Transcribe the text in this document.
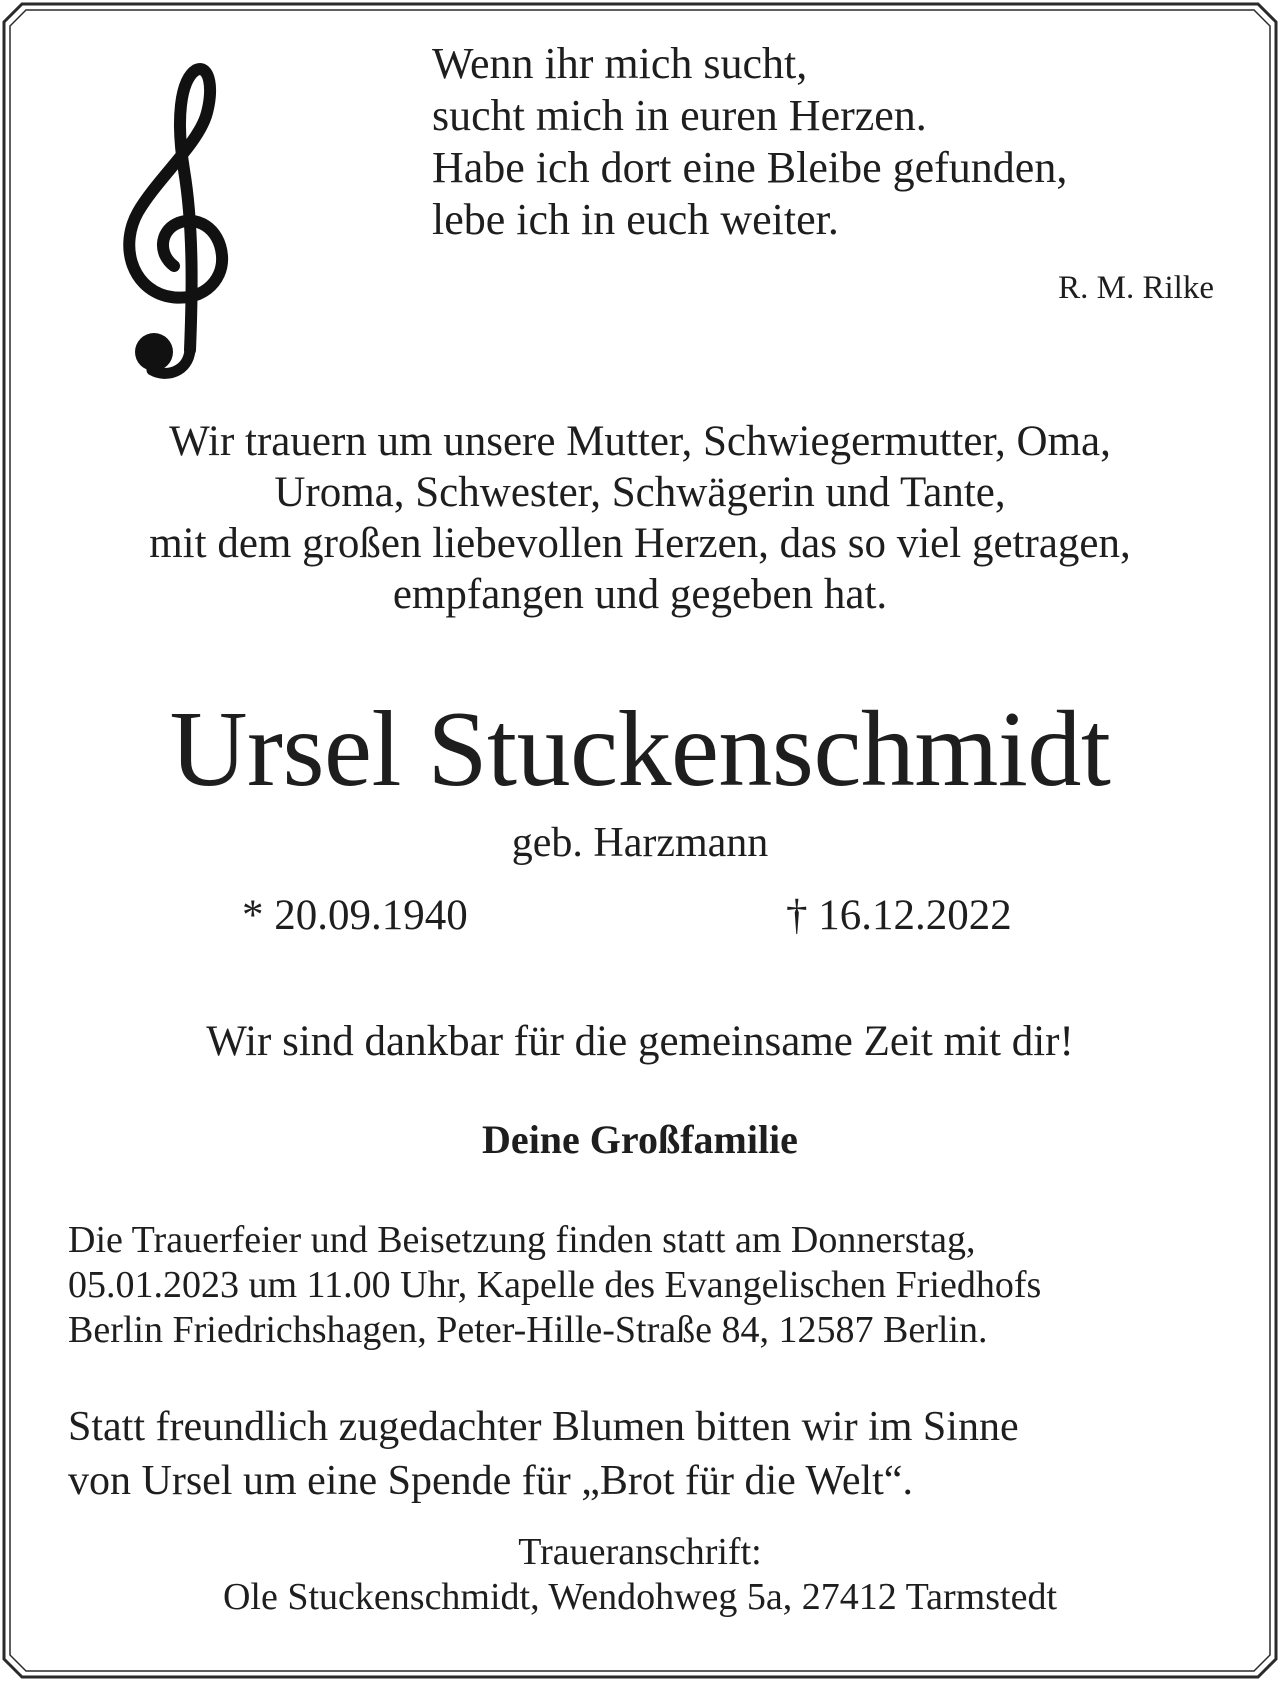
Wenn ihr mich sucht,
sucht mich in euren Herzen.
Habe ich dort eine Bleibe gefunden,
lebe ich in euch weiter.
R. M. Rilke
Wir trauern um unsere Mutter, Schwiegermutter, Oma,
Uroma, Schwester, Schwägerin und Tante,
mit dem großen liebevollen Herzen, das so viel getragen,
empfangen und gegeben hat.
Ursel Stuckenschmidt
geb. Harzmann
* 20.09.1940	† 16.12.2022
Wir sind dankbar für die gemeinsame Zeit mit dir!
Deine Großfamilie
Die Trauerfeier und Beisetzung finden statt am Donnerstag,
05.01.2023 um 11.00 Uhr, Kapelle des Evangelischen Friedhofs
Berlin Friedrichshagen, Peter-Hille-Straße 84, 12587 Berlin.
Statt freundlich zugedachter Blumen bitten wir im Sinne
von Ursel um eine Spende für „Brot für die Welt“.
Traueranschrift:
Ole Stuckenschmidt, Wendohweg 5a, 27412 Tarmstedt
